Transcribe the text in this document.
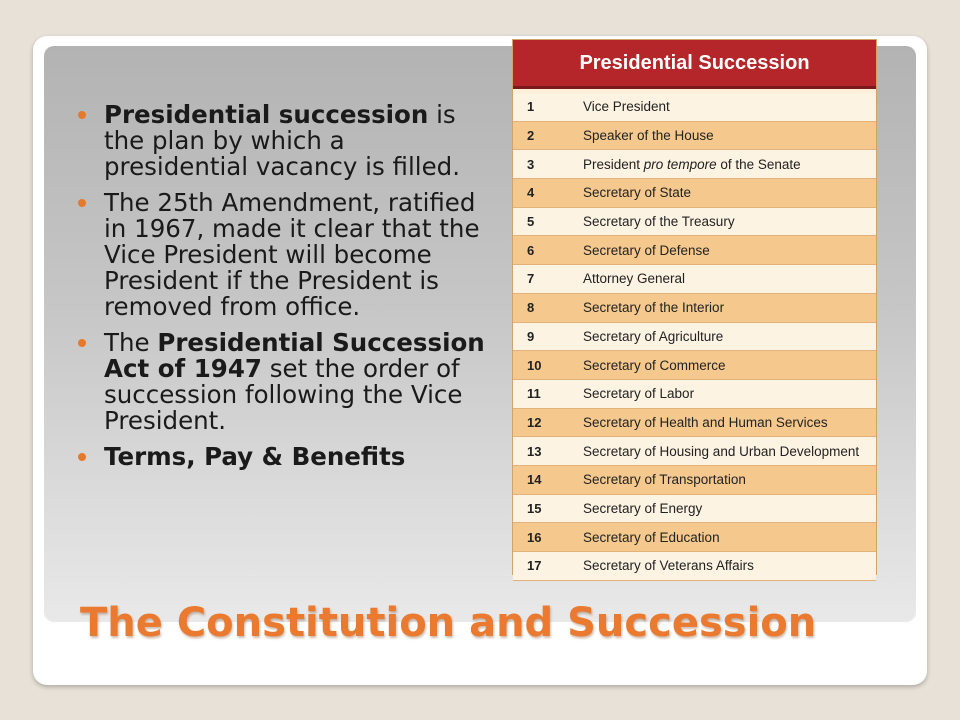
Presidential succession is the plan by which a presidential vacancy is filled.
The 25th Amendment, ratified in 1967, made it clear that the Vice President will become President if the President is removed from office.
The Presidential Succession Act of 1947 set the order of succession following the Vice President.
Terms, Pay & Benefits
Presidential Succession
1	Vice President
2	Speaker of the House
3	President pro tempore of the Senate
4	Secretary of State
5	Secretary of the Treasury
6	Secretary of Defense
7	Attorney General
8	Secretary of the Interior
9	Secretary of Agriculture
10	Secretary of Commerce
11	Secretary of Labor
12	Secretary of Health and Human Services
13	Secretary of Housing and Urban Development
14	Secretary of Transportation
15	Secretary of Energy
16	Secretary of Education
17	Secretary of Veterans Affairs
The Constitution and Succession
